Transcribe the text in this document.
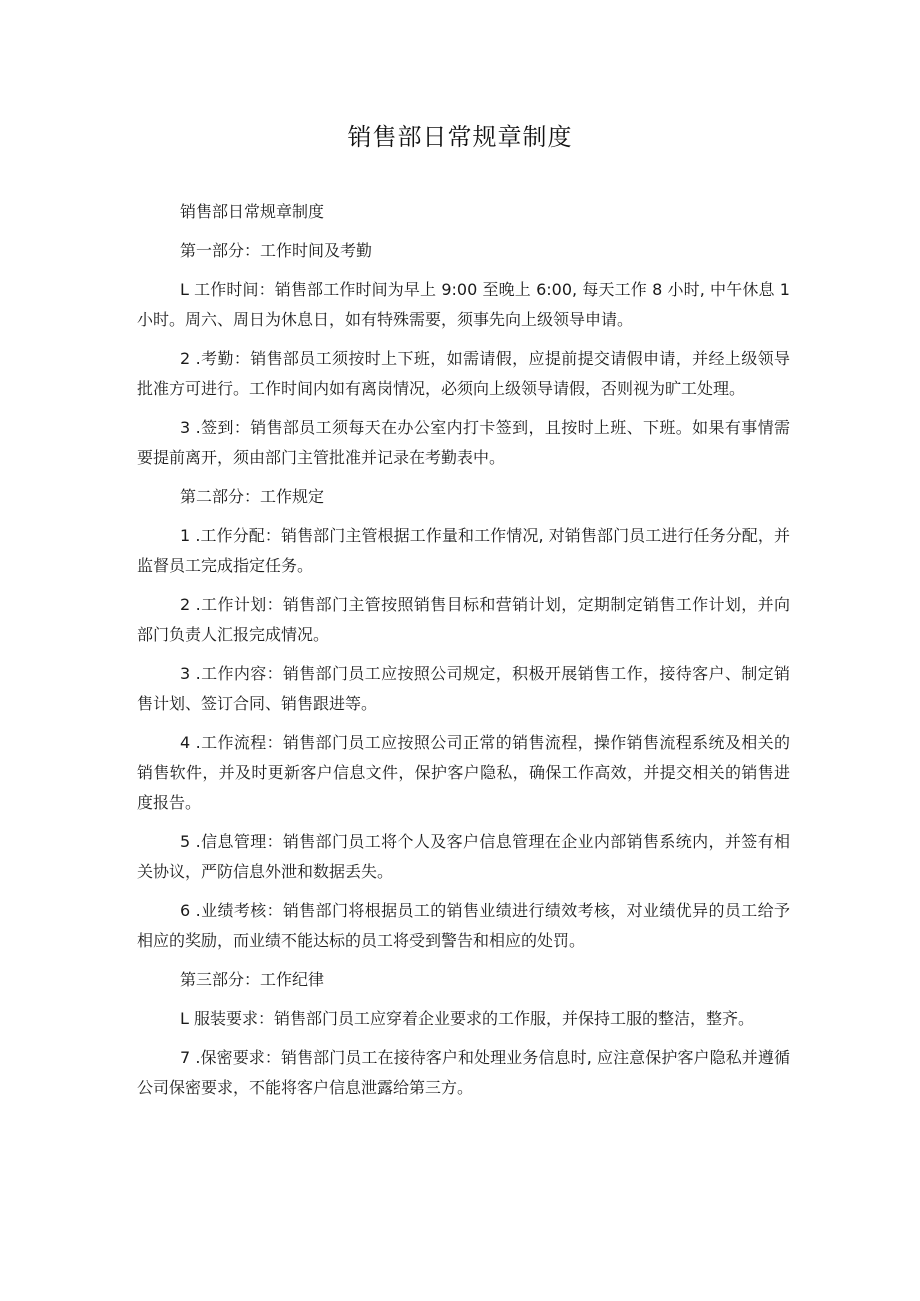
销售部日常规章制度

销售部日常规章制度

第一部分：工作时间及考勤

L 工作时间：销售部工作时间为早上 9:00 至晚上 6:00, 每天工作 8 小时, 中午休息 1 小时。周六、周日为休息日，如有特殊需要，须事先向上级领导申请。

2 .考勤：销售部员工须按时上下班，如需请假，应提前提交请假申请，并经上级领导批准方可进行。工作时间内如有离岗情况，必须向上级领导请假，否则视为旷工处理。

3 .签到：销售部员工须每天在办公室内打卡签到，且按时上班、下班。如果有事情需要提前离开，须由部门主管批准并记录在考勤表中。

第二部分：工作规定

1 .工作分配：销售部门主管根据工作量和工作情况, 对销售部门员工进行任务分配，并监督员工完成指定任务。

2 .工作计划：销售部门主管按照销售目标和营销计划，定期制定销售工作计划，并向部门负责人汇报完成情况。

3 .工作内容：销售部门员工应按照公司规定，积极开展销售工作，接待客户、制定销售计划、签订合同、销售跟进等。

4 .工作流程：销售部门员工应按照公司正常的销售流程，操作销售流程系统及相关的销售软件，并及时更新客户信息文件，保护客户隐私，确保工作高效，并提交相关的销售进度报告。

5 .信息管理：销售部门员工将个人及客户信息管理在企业内部销售系统内，并签有相关协议，严防信息外泄和数据丢失。

6 .业绩考核：销售部门将根据员工的销售业绩进行绩效考核，对业绩优异的员工给予相应的奖励，而业绩不能达标的员工将受到警告和相应的处罚。

第三部分：工作纪律

L 服装要求：销售部门员工应穿着企业要求的工作服，并保持工服的整洁，整齐。

7 .保密要求：销售部门员工在接待客户和处理业务信息时, 应注意保护客户隐私并遵循公司保密要求，不能将客户信息泄露给第三方。
